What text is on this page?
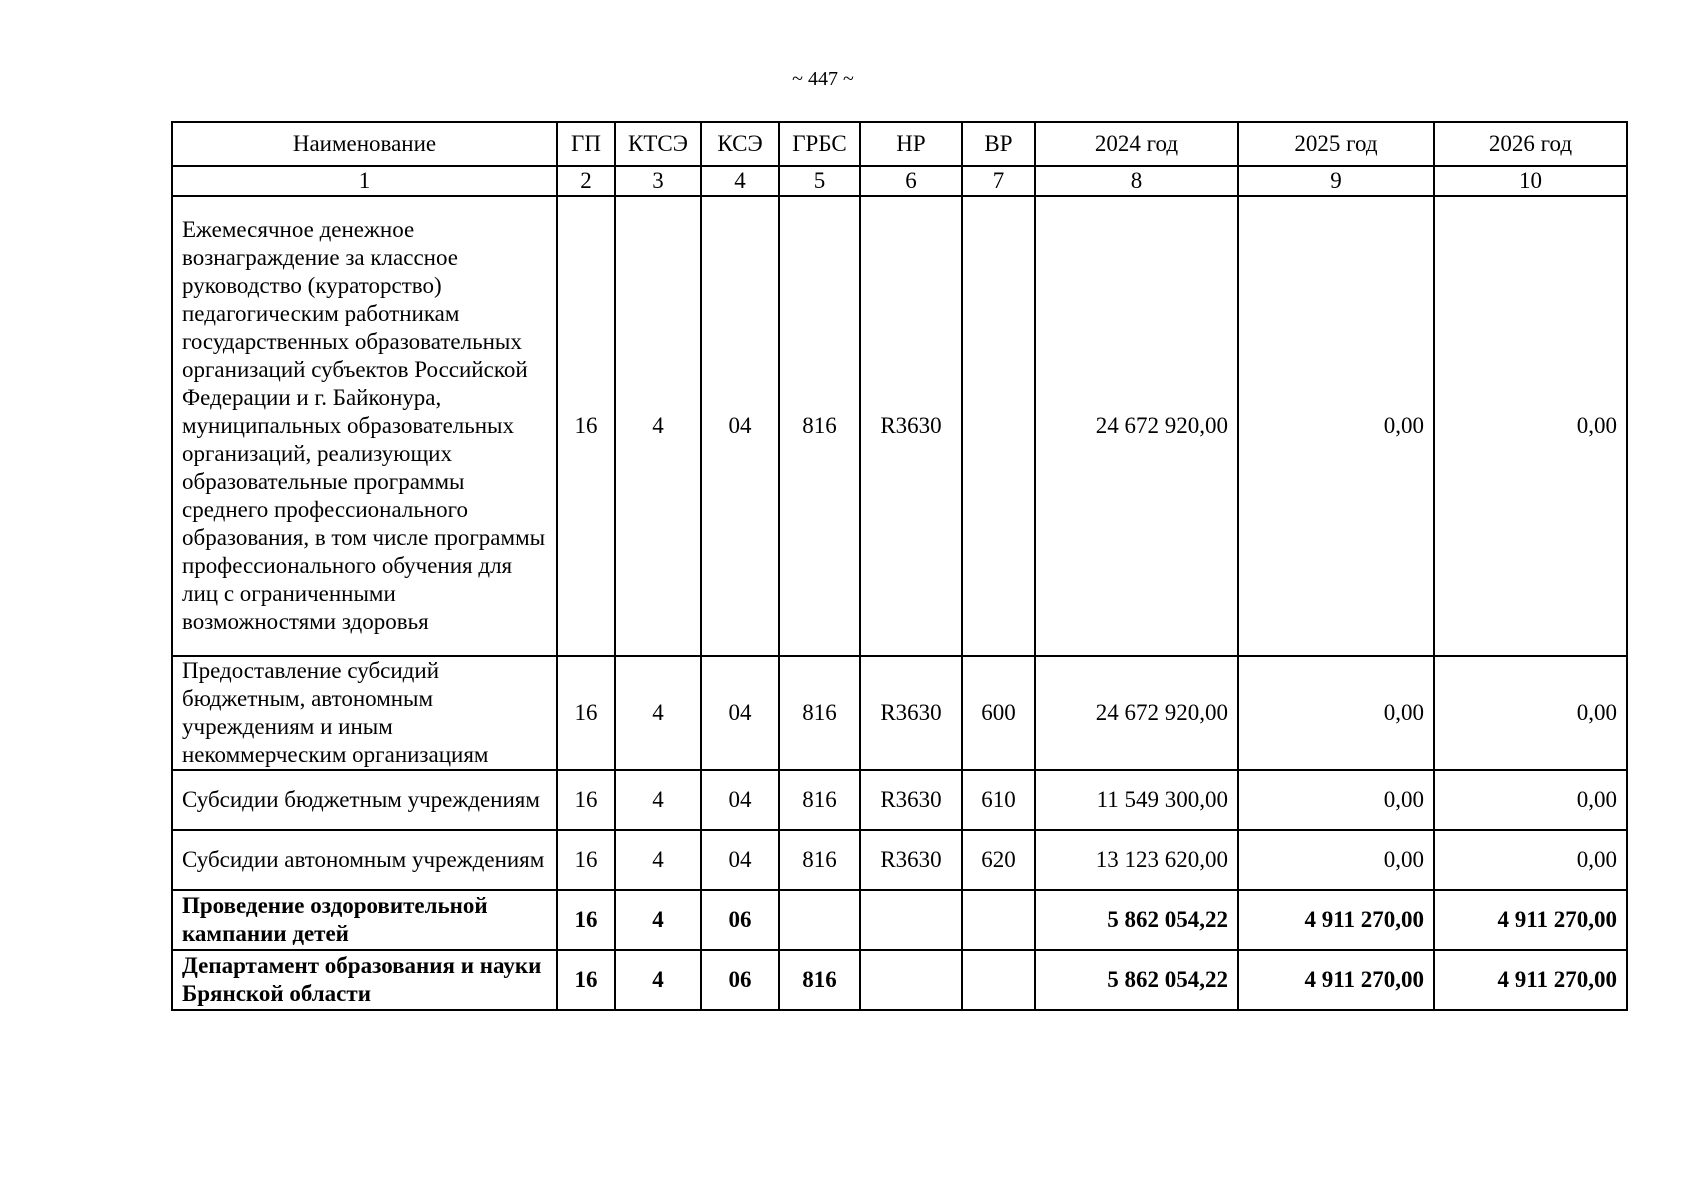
~ 447 ~
Наименование	ГП	КТСЭ	КСЭ	ГРБС	НР	ВР	2024 год	2025 год	2026 год
1	2	3	4	5	6	7	8	9	10
Ежемесячное денежное вознаграждение за классное руководство (кураторство) педагогическим работникам государственных образовательных организаций субъектов Российской Федерации и г. Байконура, муниципальных образовательных организаций, реализующих образовательные программы среднего профессионального образования, в том числе программы профессионального обучения для лиц с ограниченными возможностями здоровья	16	4	04	816	R3630		24 672 920,00	0,00	0,00
Предоставление субсидий бюджетным, автономным учреждениям и иным некоммерческим организациям	16	4	04	816	R3630	600	24 672 920,00	0,00	0,00
Субсидии бюджетным учреждениям	16	4	04	816	R3630	610	11 549 300,00	0,00	0,00
Субсидии автономным учреждениям	16	4	04	816	R3630	620	13 123 620,00	0,00	0,00
Проведение оздоровительной кампании детей	16	4	06				5 862 054,22	4 911 270,00	4 911 270,00
Департамент образования и науки Брянской области	16	4	06	816			5 862 054,22	4 911 270,00	4 911 270,00
